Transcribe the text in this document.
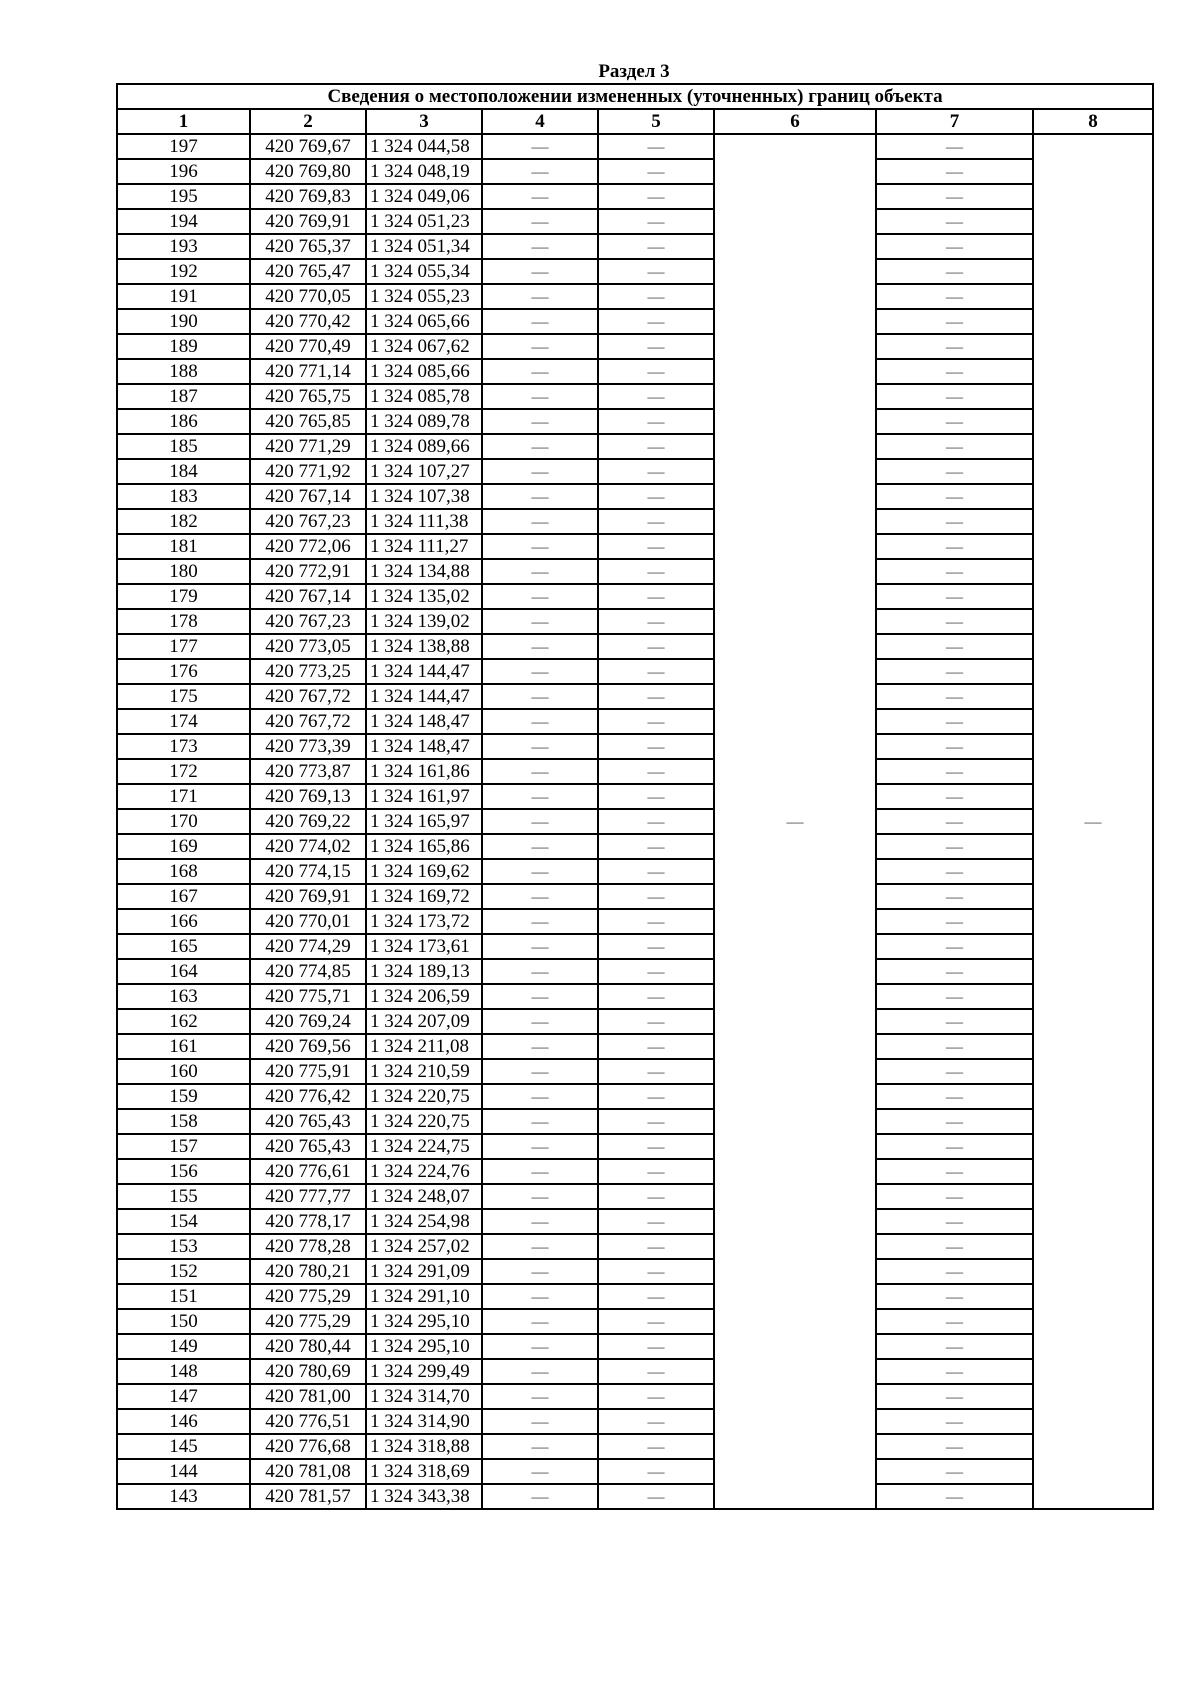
Раздел 3
Сведения о местоположении измененных (уточненных) границ объекта							
1	2	3	4	5	6	7	8
197	420 769,67	1 324 044,58	—	—	—	—	—
196	420 769,80	1 324 048,19	—	—		—	
195	420 769,83	1 324 049,06	—	—		—	
194	420 769,91	1 324 051,23	—	—		—	
193	420 765,37	1 324 051,34	—	—		—	
192	420 765,47	1 324 055,34	—	—		—	
191	420 770,05	1 324 055,23	—	—		—	
190	420 770,42	1 324 065,66	—	—		—	
189	420 770,49	1 324 067,62	—	—		—	
188	420 771,14	1 324 085,66	—	—		—	
187	420 765,75	1 324 085,78	—	—		—	
186	420 765,85	1 324 089,78	—	—		—	
185	420 771,29	1 324 089,66	—	—		—	
184	420 771,92	1 324 107,27	—	—		—	
183	420 767,14	1 324 107,38	—	—		—	
182	420 767,23	1 324 111,38	—	—		—	
181	420 772,06	1 324 111,27	—	—		—	
180	420 772,91	1 324 134,88	—	—		—	
179	420 767,14	1 324 135,02	—	—		—	
178	420 767,23	1 324 139,02	—	—		—	
177	420 773,05	1 324 138,88	—	—		—	
176	420 773,25	1 324 144,47	—	—		—	
175	420 767,72	1 324 144,47	—	—		—	
174	420 767,72	1 324 148,47	—	—		—	
173	420 773,39	1 324 148,47	—	—		—	
172	420 773,87	1 324 161,86	—	—		—	
171	420 769,13	1 324 161,97	—	—		—	
170	420 769,22	1 324 165,97	—	—		—	
169	420 774,02	1 324 165,86	—	—		—	
168	420 774,15	1 324 169,62	—	—		—	
167	420 769,91	1 324 169,72	—	—		—	
166	420 770,01	1 324 173,72	—	—		—	
165	420 774,29	1 324 173,61	—	—		—	
164	420 774,85	1 324 189,13	—	—		—	
163	420 775,71	1 324 206,59	—	—		—	
162	420 769,24	1 324 207,09	—	—		—	
161	420 769,56	1 324 211,08	—	—		—	
160	420 775,91	1 324 210,59	—	—		—	
159	420 776,42	1 324 220,75	—	—		—	
158	420 765,43	1 324 220,75	—	—		—	
157	420 765,43	1 324 224,75	—	—		—	
156	420 776,61	1 324 224,76	—	—		—	
155	420 777,77	1 324 248,07	—	—		—	
154	420 778,17	1 324 254,98	—	—		—	
153	420 778,28	1 324 257,02	—	—		—	
152	420 780,21	1 324 291,09	—	—		—	
151	420 775,29	1 324 291,10	—	—		—	
150	420 775,29	1 324 295,10	—	—		—	
149	420 780,44	1 324 295,10	—	—		—	
148	420 780,69	1 324 299,49	—	—		—	
147	420 781,00	1 324 314,70	—	—		—	
146	420 776,51	1 324 314,90	—	—		—	
145	420 776,68	1 324 318,88	—	—		—	
144	420 781,08	1 324 318,69	—	—		—	
143	420 781,57	1 324 343,38	—	—		—	
